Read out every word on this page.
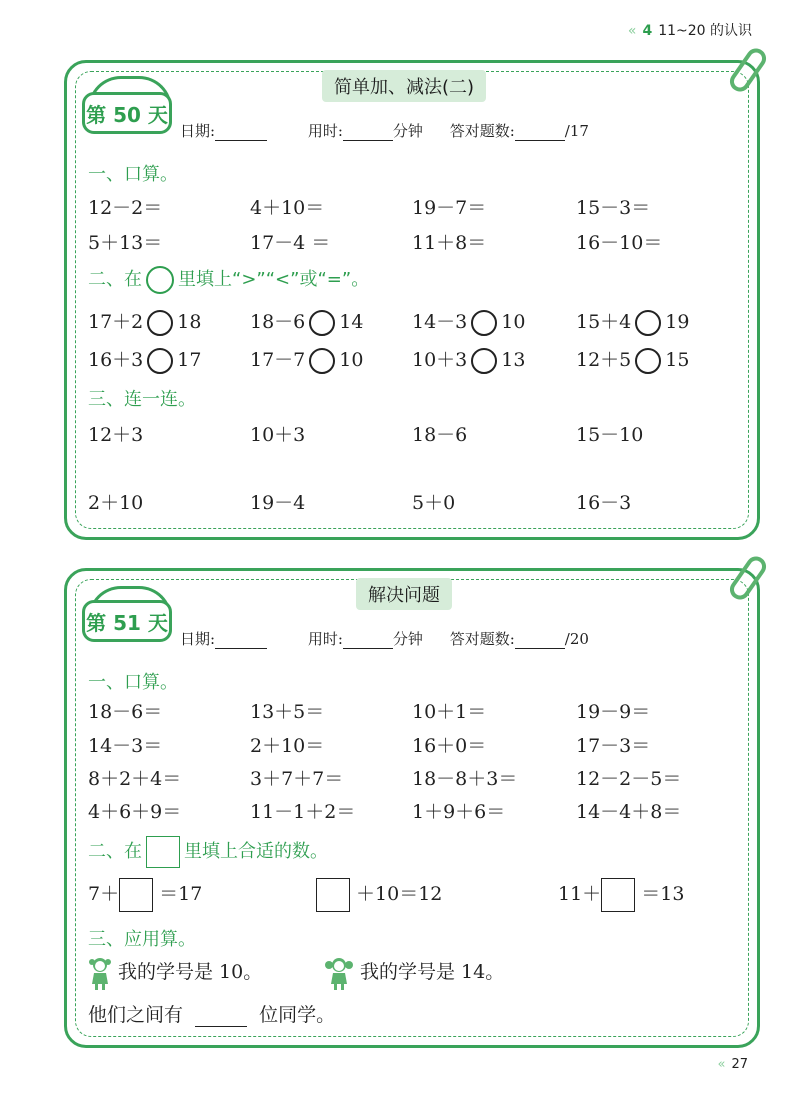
« 4 11~20 的认识
« 27
第 50 天
简单加、减法(二)
日期:	用时:	分钟 答对题数:	/17
一、口算。
12－2＝	4＋10＝	19－7＝	15－3＝
5＋13＝	17－4 ＝	11＋8＝	16－10＝
二、在 里填上“>”“<”或“=”。
17＋2 18	18－6 14	14－3 10	15＋4 19
16＋3 17	17－7 10	10＋3 13	12＋5 15
三、连一连。
12＋3	10＋3	18－6	15－10
2＋10	19－4	5＋0	16－3
第 51 天
解决问题
日期:	用时:	分钟 答对题数:	/20
一、口算。
18－6＝	13＋5＝	10＋1＝	19－9＝
14－3＝	2＋10＝	16＋0＝	17－3＝
8＋2＋4＝	3＋7＋7＝	18－8＋3＝	12－2－5＝
4＋6＋9＝	11－1＋2＝	1＋9＋6＝	14－4＋8＝
二、在 里填上合适的数。
7＋ ＝17	＋10＝12	11＋ ＝13
三、应用算。
我的学号是 10。	我的学号是 14。
他们之间有	位同学。
